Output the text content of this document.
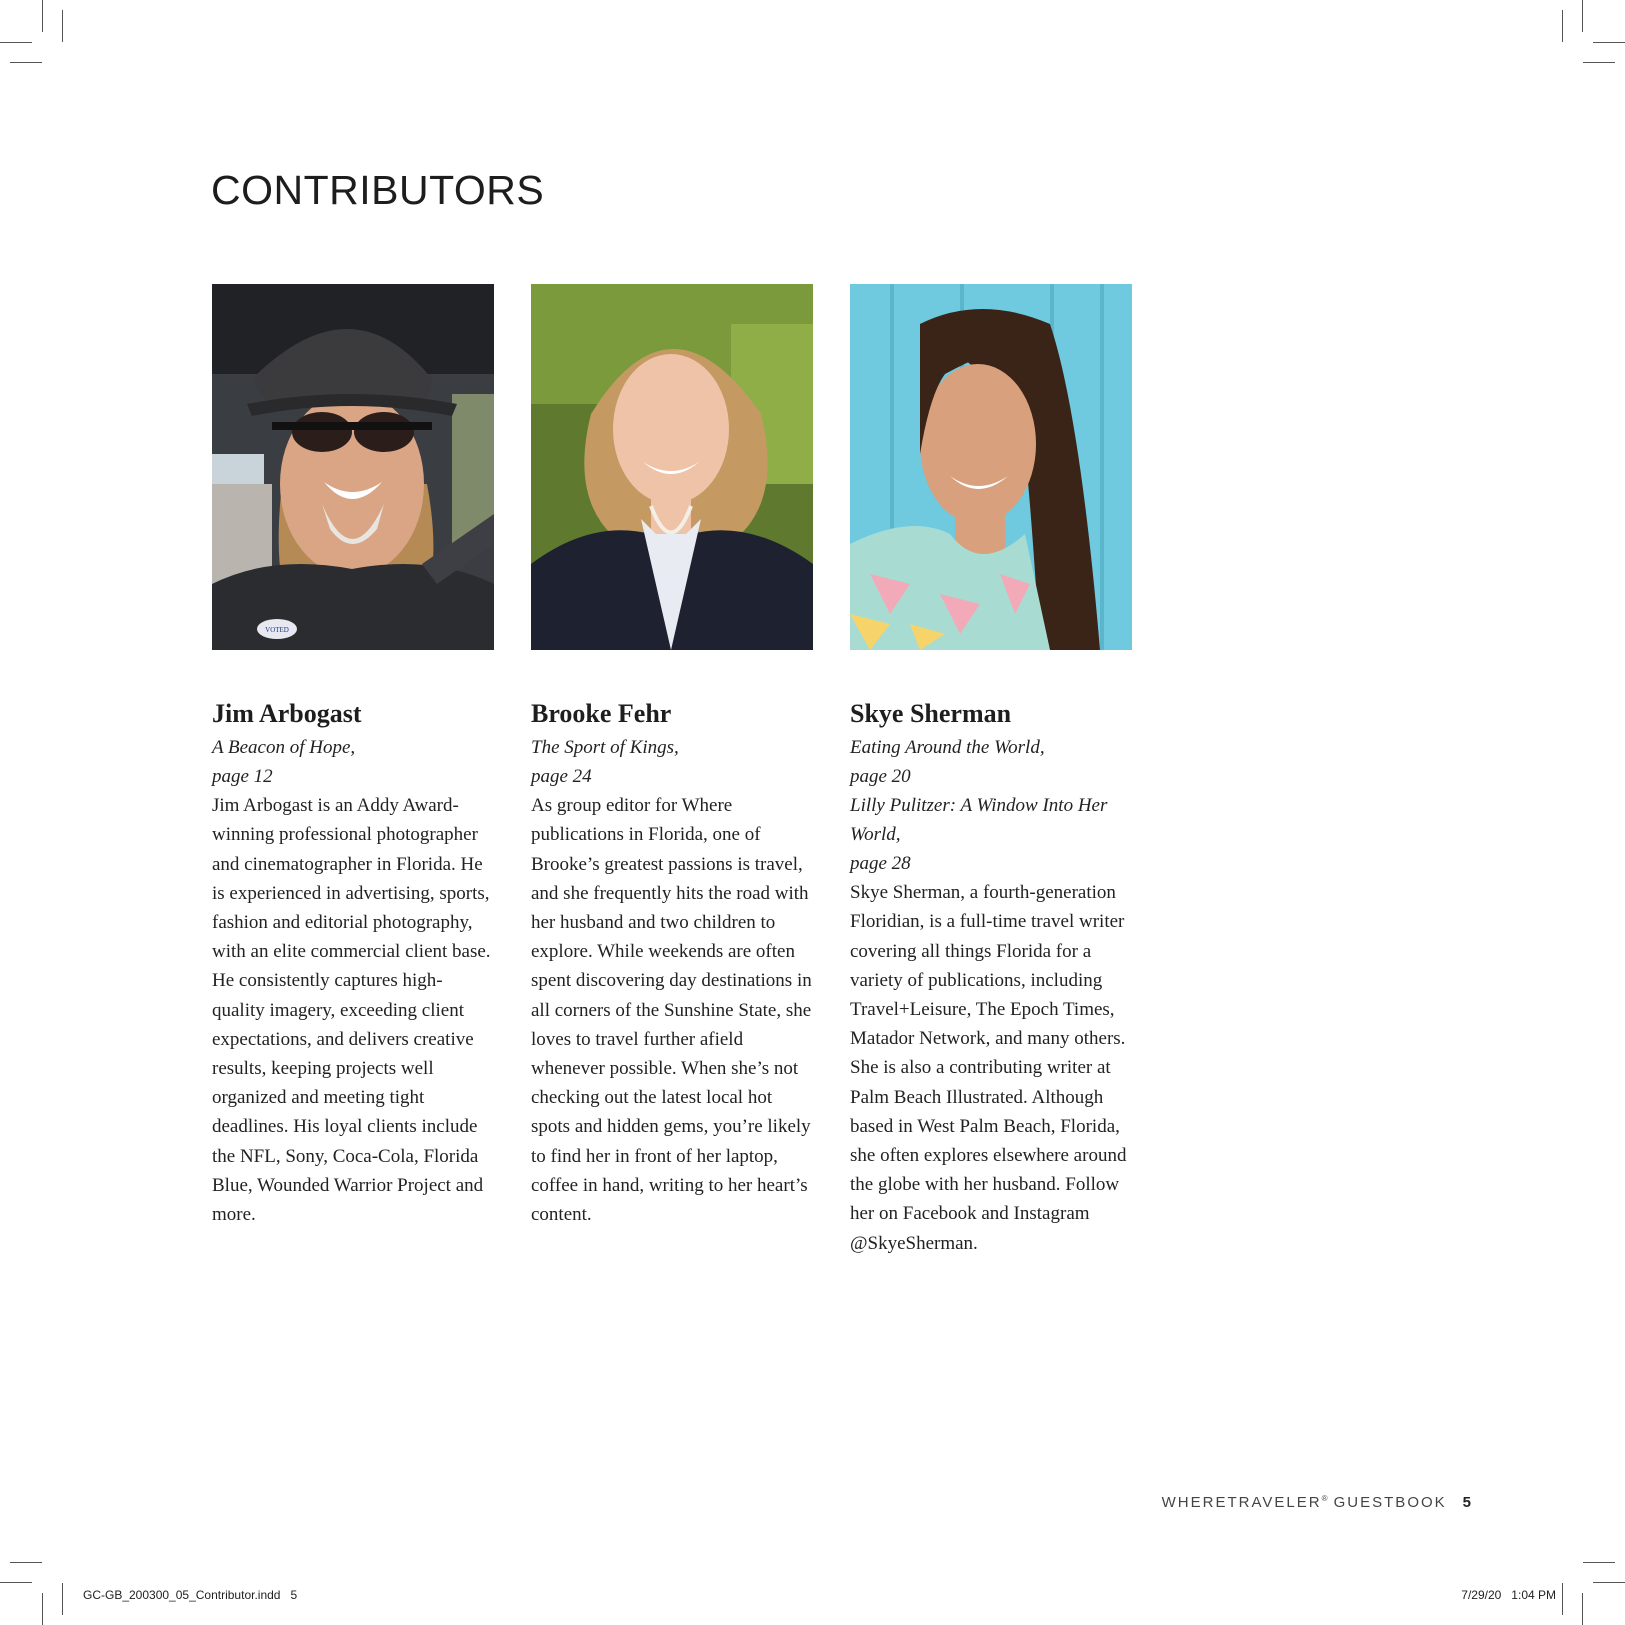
CONTRIBUTORS
VOTED
Jim Arbogast
A Beacon of Hope,
page 12

Jim Arbogast is an Addy Award-winning professional photographer and cinematographer in Florida. He is experienced in advertising, sports, fashion and editorial photography, with an elite commercial client base. He consistently captures high-quality imagery, exceeding client expectations, and delivers creative results, keeping projects well organized and meeting tight deadlines. His loyal clients include the NFL, Sony, Coca-Cola, Florida Blue, Wounded Warrior Project and more.

Brooke Fehr
The Sport of Kings,
page 24

As group editor for Where publications in Florida, one of Brooke’s greatest passions is travel, and she frequently hits the road with her husband and two children to explore. While weekends are often spent discovering day destinations in all corners of the Sunshine State, she loves to travel further afield whenever possible. When she’s not checking out the latest local hot spots and hidden gems, you’re likely to find her in front of her laptop, coffee in hand, writing to her heart’s content.

Skye Sherman
Eating Around the World,
page 20
Lilly Pulitzer: A Window Into Her World,
page 28

Skye Sherman, a fourth-generation Floridian, is a full-time travel writer covering all things Florida for a variety of publications, including Travel+Leisure, The Epoch Times, Matador Network, and many others. She is also a contributing writer at Palm Beach Illustrated. Although based in West Palm Beach, Florida, she often explores elsewhere around the globe with her husband. Follow her on Facebook and Instagram @SkyeSherman.

WHERETRAVELER® GUESTBOOK 5
GC-GB_200300_05_Contributor.indd   5	7/29/20   1:04 PM
